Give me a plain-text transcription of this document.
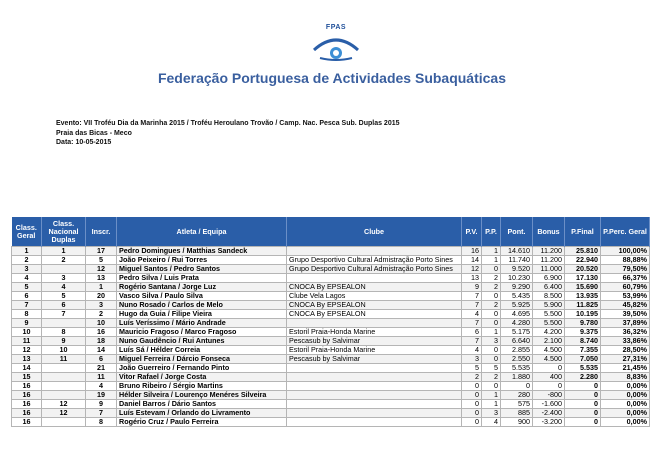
FPAS
Federação Portuguesa de Actividades Subaquáticas
Evento: VII Troféu Dia da Marinha 2015 / Troféu Heroulano Trovão / Camp. Nac. Pesca Sub. Duplas 2015
Praia das Bicas - Meco
Data: 10-05-2015
Class. Geral	Class. Nacional Duplas	Inscr.	Atleta / Equipa	Clube	P.V.	P.P.	Pont.	Bonus	P.Final	P.Perc. Geral
1	1	17	Pedro Domingues / Matthias Sandeck		16	1	14.610	11.200	25.810	100,00%
2	2	5	João Peixeiro / Rui Torres	Grupo Desportivo Cultural Admistração Porto Sines	14	1	11.740	11.200	22.940	88,88%
3		12	Miguel Santos / Pedro Santos	Grupo Desportivo Cultural Admistração Porto Sines	12	0	9.520	11.000	20.520	79,50%
4	3	13	Pedro Silva / Luis Prata		13	2	10.230	6.900	17.130	66,37%
5	4	1	Rogério Santana / Jorge Luz	CNOCA By EPSEALON	9	2	9.290	6.400	15.690	60,79%
6	5	20	Vasco Silva / Paulo Silva	Clube Vela Lagos	7	0	5.435	8.500	13.935	53,99%
7	6	3	Nuno Rosado / Carlos de Melo	CNOCA By EPSEALON	7	2	5.925	5.900	11.825	45,82%
8	7	2	Hugo da Guia / Filipe Vieira	CNOCA By EPSEALON	4	0	4.695	5.500	10.195	39,50%
9		10	Luís Veríssimo / Mário Andrade		7	0	4.280	5.500	9.780	37,89%
10	8	16	Mauricio Fragoso / Marco Fragoso	Estoril Praia-Honda Marine	6	1	5.175	4.200	9.375	36,32%
11	9	18	Nuno Gaudêncio / Rui Antunes	Pescasub by Salvimar	7	3	6.640	2.100	8.740	33,86%
12	10	14	Luís Sá / Hélder Correia	Estoril Praia-Honda Marine	4	0	2.855	4.500	7.355	28,50%
13	11	6	Miguel Ferreira / Dárcio Fonseca	Pescasub by Salvimar	3	0	2.550	4.500	7.050	27,31%
14		21	João Guerreiro / Fernando Pinto		5	5	5.535	0	5.535	21,45%
15		11	Vitor Rafael / Jorge Costa		2	2	1.880	400	2.280	8,83%
16		4	Bruno Ribeiro / Sérgio Martins		0	0	0	0	0	0,00%
16		19	Hélder Silveira / Lourenço Menéres Silveira		0	1	280	-800	0	0,00%
16	12	9	Daniel Barros / Dário Santos		0	1	575	-1.600	0	0,00%
16	12	7	Luís Estevam / Orlando do Livramento		0	3	885	-2.400	0	0,00%
16		8	Rogério Cruz / Paulo Ferreira		0	4	900	-3.200	0	0,00%
